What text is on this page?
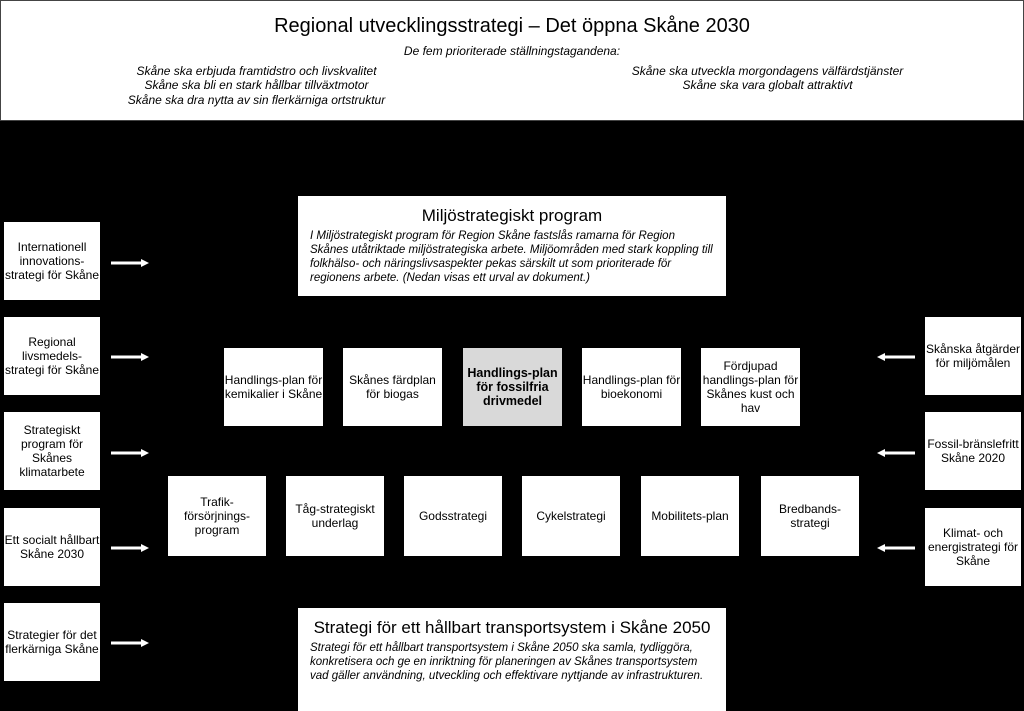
Regional utvecklingsstrategi – Det öppna Skåne 2030
De fem prioriterade ställningstagandena:
Skåne ska erbjuda framtidstro och livskvalitet
Skåne ska bli en stark hållbar tillväxtmotor
Skåne ska dra nytta av sin flerkärniga ortstruktur
Skåne ska utveckla morgondagens välfärdstjänster
Skåne ska vara globalt attraktivt
Miljöstrategiskt program
I Miljöstrategiskt program för Region Skåne fastslås ramarna för Region Skånes utåtriktade miljöstrategiska arbete. Miljöområden med stark koppling till folkhälso- och näringslivsaspekter pekas särskilt ut som prioriterade för regionens arbete. (Nedan visas ett urval av dokument.)
Strategi för ett hållbart transportsystem i Skåne 2050
Strategi för ett hållbart transportsystem i Skåne 2050 ska samla, tydliggöra, konkretisera och ge en inriktning för planeringen av Skånes transportsystem vad gäller användning, utveckling och effektivare nyttjande av infrastrukturen.
Internationell innovations-strategi för Skåne
Regional livsmedels-strategi för Skåne
Strategiskt program för Skånes klimatarbete
Ett socialt hållbart Skåne 2030
Strategier för det flerkärniga Skåne
Skånska åtgärder för miljömålen
Fossil-bränslefritt Skåne 2020
Klimat- och energistrategi för Skåne
Handlings-plan för kemikalier i Skåne
Skånes färdplan för biogas
Handlings-plan för fossilfria drivmedel
Handlings-plan för bioekonomi
Fördjupad handlings-plan för Skånes kust och hav
Trafik-försörjnings-program
Tåg-strategiskt underlag	Godsstrategi	Cykelstrategi	Mobilitets-plan	Bredbands-strategi
